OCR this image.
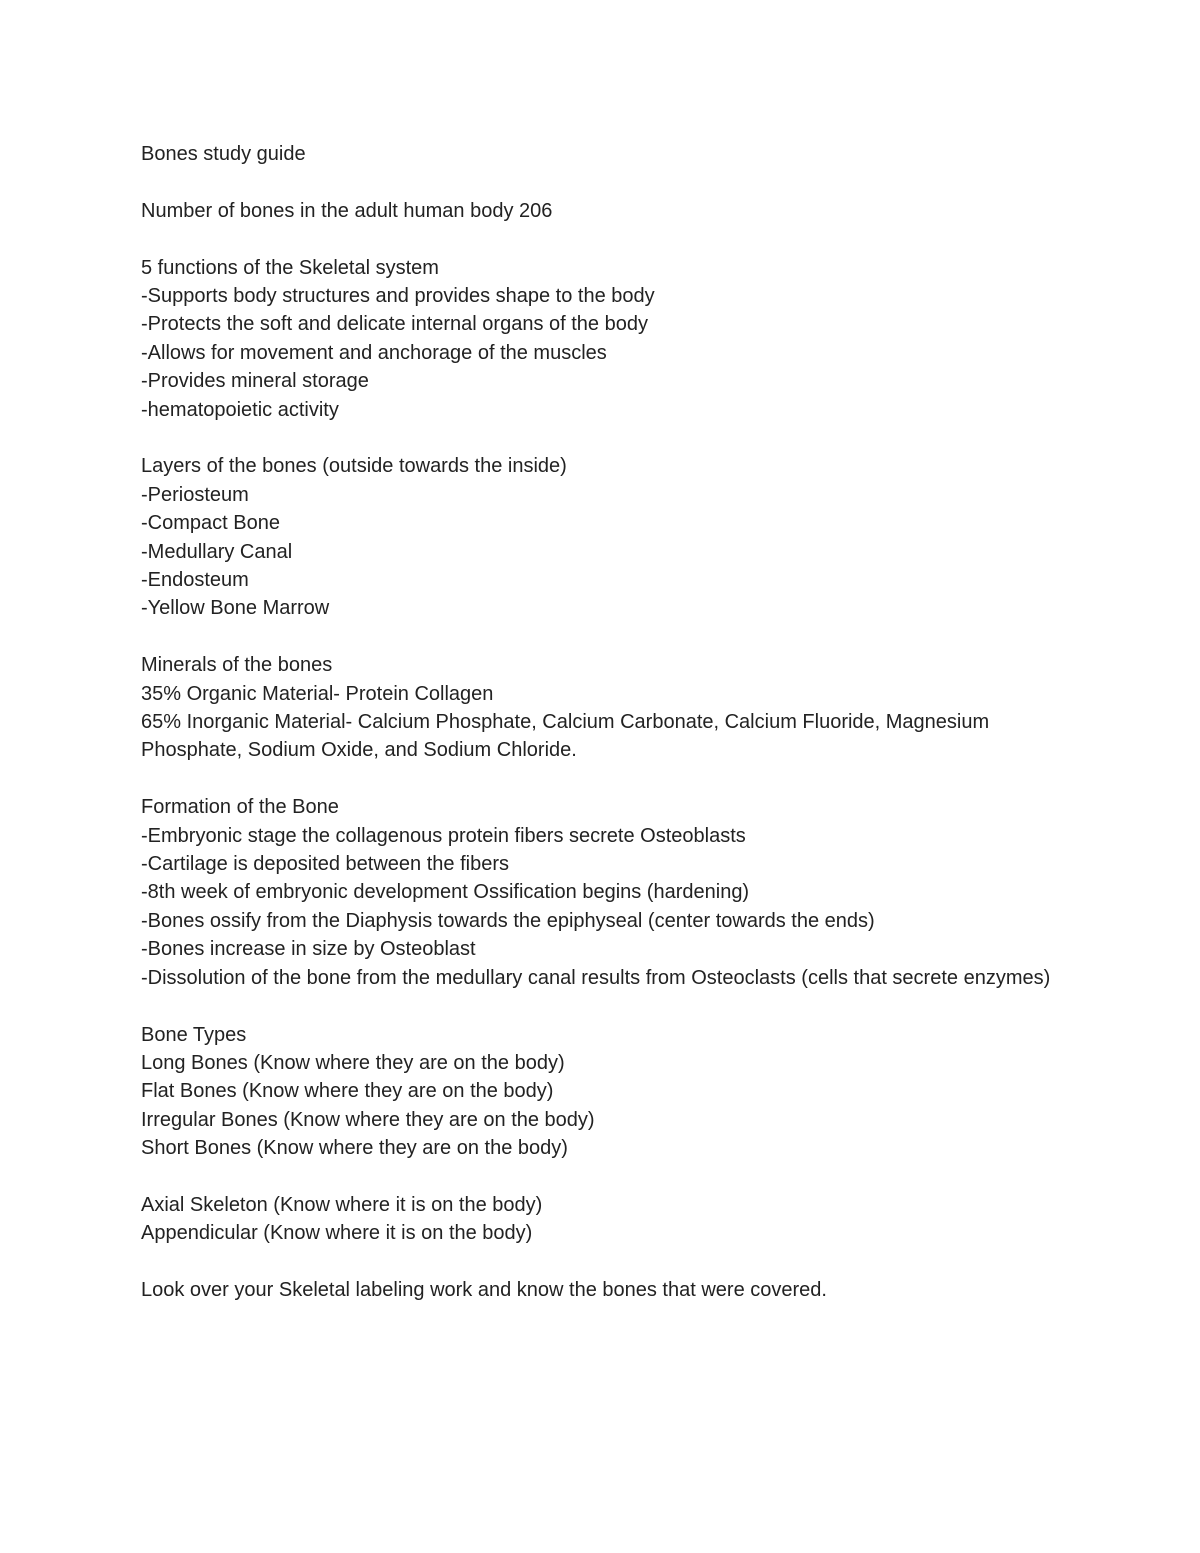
Bones study guide
Number of bones in the adult human body 206
5 functions of the Skeletal system
-Supports body structures and provides shape to the body
-Protects the soft and delicate internal organs of the body
-Allows for movement and anchorage of the muscles
-Provides mineral storage
-hematopoietic activity
Layers of the bones (outside towards the inside)
-Periosteum
-Compact Bone
-Medullary Canal
-Endosteum
-Yellow Bone Marrow
Minerals of the bones
35% Organic Material- Protein Collagen
65% Inorganic Material- Calcium Phosphate, Calcium Carbonate, Calcium Fluoride, Magnesium Phosphate, Sodium Oxide, and Sodium Chloride.
Formation of the Bone
-Embryonic stage the collagenous protein fibers secrete Osteoblasts
-Cartilage is deposited between the fibers
-8th week of embryonic development Ossification begins (hardening)
-Bones ossify from the Diaphysis towards the epiphyseal (center towards the ends)
-Bones increase in size by Osteoblast
-Dissolution of the bone from the medullary canal results from Osteoclasts (cells that secrete enzymes)
Bone Types
Long Bones (Know where they are on the body)
Flat Bones (Know where they are on the body)
Irregular Bones (Know where they are on the body)
Short Bones (Know where they are on the body)
Axial Skeleton (Know where it is on the body)
Appendicular (Know where it is on the body)
Look over your Skeletal labeling work and know the bones that were covered.
